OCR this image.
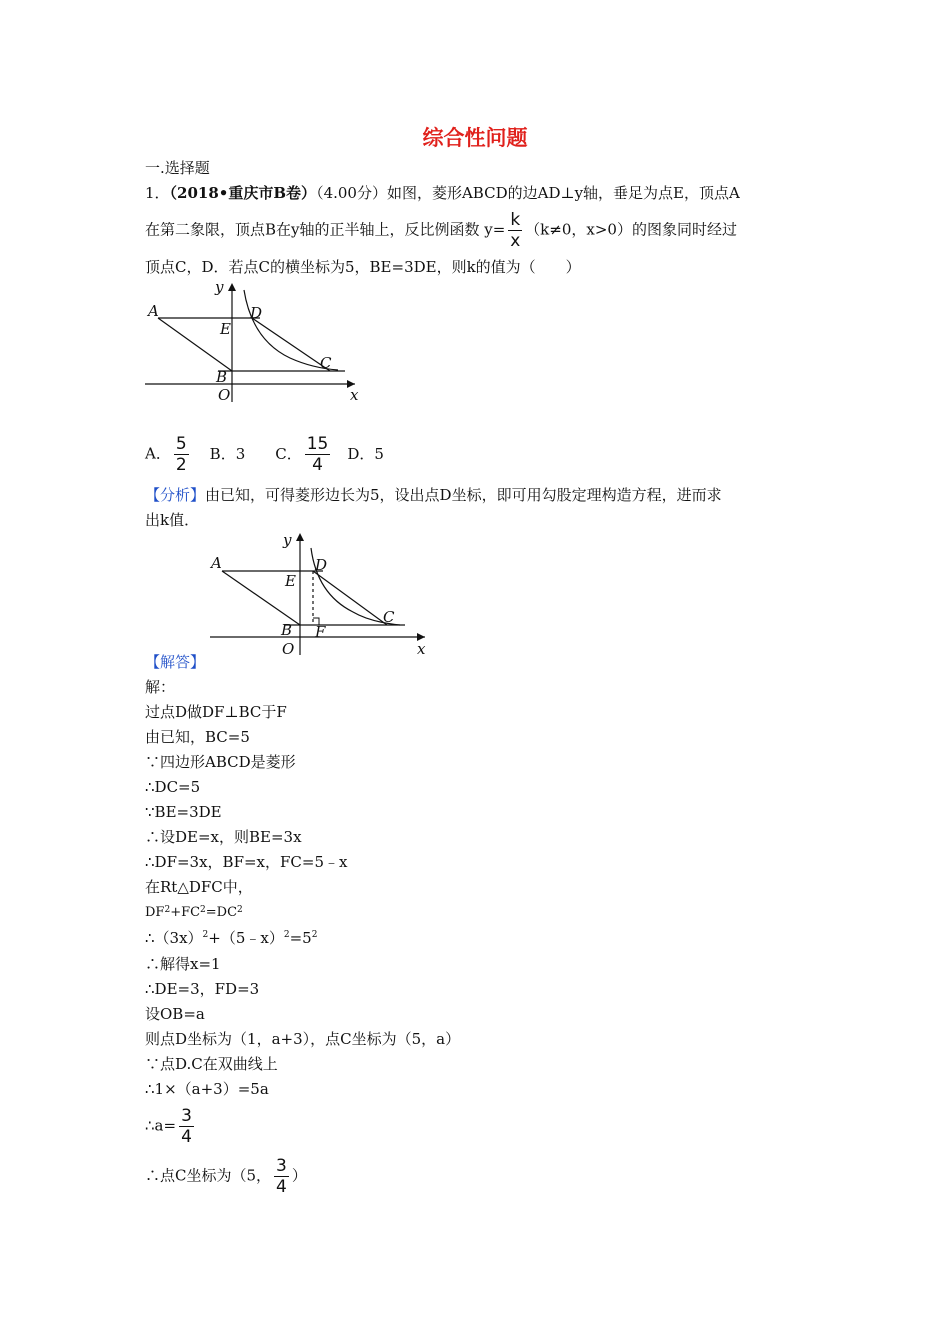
综合性问题
一.选择题
1．（2018•重庆市B卷）（4.00分）如图，菱形ABCD的边AD⊥y轴，垂足为点E，顶点A
在第二象限，顶点B在y轴的正半轴上，反比例函数 $y= \frac{k}{x} (k\ne 0$，x>0）的图象同时经过
顶点C，D．若点C的横坐标为5，BE=3DE，则k的值为（　　）
A
E
D
C
B
O
y
x
A． $\frac{5}{2}$ B．3 C． $\frac{15}{4}$ D．5
【分析】由已知，可得菱形边长为5，设出点D坐标，即可用勾股定理构造方程，进而求
出k值．
A
E
D
C
B F
O
y
x
【解答】
解：
过点D做DF⊥BC于F
由已知，BC=5
∵四边形ABCD是菱形
∴DC=5
∵BE=3DE
∴设DE=x，则BE=3x
∴DF=3x，BF=x，FC=5﹣x
在Rt△DFC中，
$DF^2+FC^2=DC^2$
$\therefore(3x)^2+(5﹣x)^2=5^2$
∴解得x=1
∴DE=3，FD=3
设OB=a
则点D坐标为（1，a+3），点C坐标为（5，a）
∵点D.C在双曲线上
∴1×（a+3）=5a
∴a= $\frac{3}{4}$
∴点C坐标为（5， $\frac{3}{4}$ ）
